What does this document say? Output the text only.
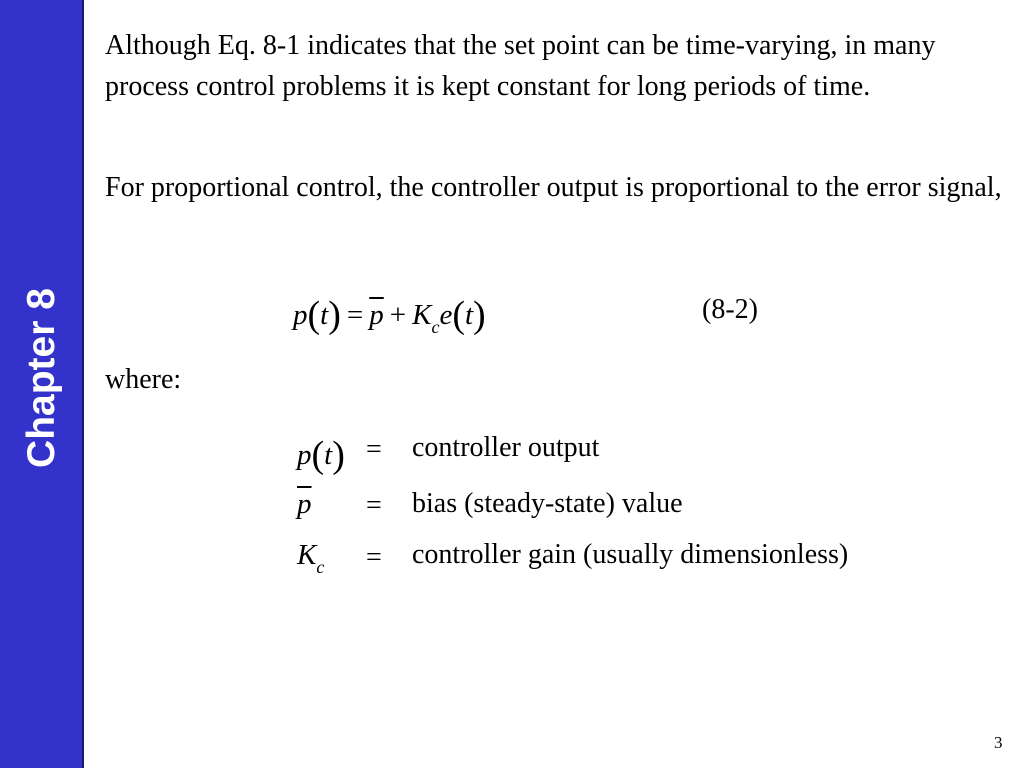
Chapter 8

Although Eq. 8-1 indicates that the set point can be time-varying, in many process control problems it is kept constant for long periods of time.

For proportional control, the controller output is proportional to the error signal,

$p(t) = \overline{p} + K_ce(t)$	(8-2)

where:

p(t) = controller output
$\overline{p}$ = bias (steady-state) value
$K_c$ = controller gain (usually dimensionless)
3
